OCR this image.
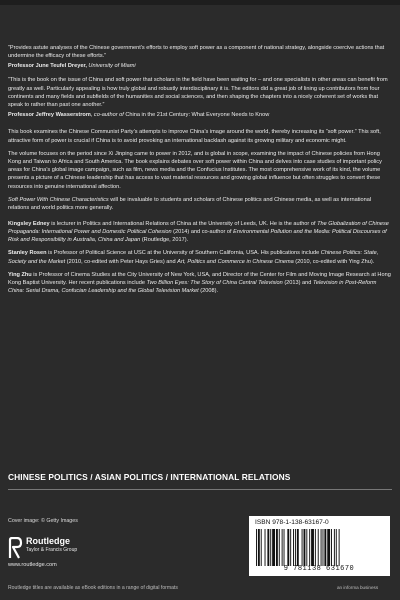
“Provides astute analyses of the Chinese government’s efforts to employ soft power as a component of national strategy, alongside coercive actions that undermine the efficacy of these efforts.”

Professor June Teufel Dreyer, University of Miami

“This is the book on the issue of China and soft power that scholars in the field have been waiting for – and one specialists in other areas can benefit from greatly as well. Particularly appealing is how truly global and robustly interdisciplinary it is. The editors did a great job of lining up contributors from four continents and many fields and subfields of the humanities and social sciences, and then shaping the chapters into a nicely coherent set of works that speak to rather than past one another.”

Professor Jeffrey Wasserstrom, co-author of China in the 21st Century: What Everyone Needs to Know

This book examines the Chinese Communist Party’s attempts to improve China’s image around the world, thereby increasing its “soft power.” This soft, attractive form of power is crucial if China is to avoid provoking an international backlash against its growing military and economic might.

The volume focuses on the period since Xi Jinping came to power in 2012, and is global in scope, examining the impact of Chinese policies from Hong Kong and Taiwan to Africa and South America. The book explains debates over soft power within China and delves into case studies of important policy areas for China’s global image campaign, such as film, news media and the Confucius Institutes. The most comprehensive work of its kind, the volume presents a picture of a Chinese leadership that has access to vast material resources and growing global influence but often struggles to convert these resources into genuine international affection.

Soft Power With Chinese Characteristics will be invaluable to students and scholars of Chinese politics and Chinese media, as well as international relations and world politics more generally.

Kingsley Edney is lecturer in Politics and International Relations of China at the University of Leeds, UK. He is the author of The Globalization of Chinese Propaganda: International Power and Domestic Political Cohesion (2014) and co-author of Environmental Pollution and the Media: Political Discourses of Risk and Responsibility in Australia, China and Japan (Routledge, 2017).

Stanley Rosen is Professor of Political Science at USC at the University of Southern California, USA. His publications include Chinese Politics: State, Society and the Market (2010, co-edited with Peter Hays Gries) and Art, Politics and Commerce in Chinese Cinema (2010, co-edited with Ying Zhu).

Ying Zhu is Professor of Cinema Studies at the City University of New York, USA, and Director of the Center for Film and Moving Image Research at Hong Kong Baptist University. Her recent publications include Two Billion Eyes: The Story of China Central Television (2013) and Television in Post-Reform China: Serial Drama, Confucian Leadership and the Global Television Market (2008).

CHINESE POLITICS / ASIAN POLITICS / INTERNATIONAL RELATIONS
Cover image: © Getty Images
Routledge
Taylor & Francis Group
www.routledge.com
Routledge titles are available as eBook editions in a range of digital formats
ISBN 978-1-138-63167-0
9 781138 631670
an informa business
